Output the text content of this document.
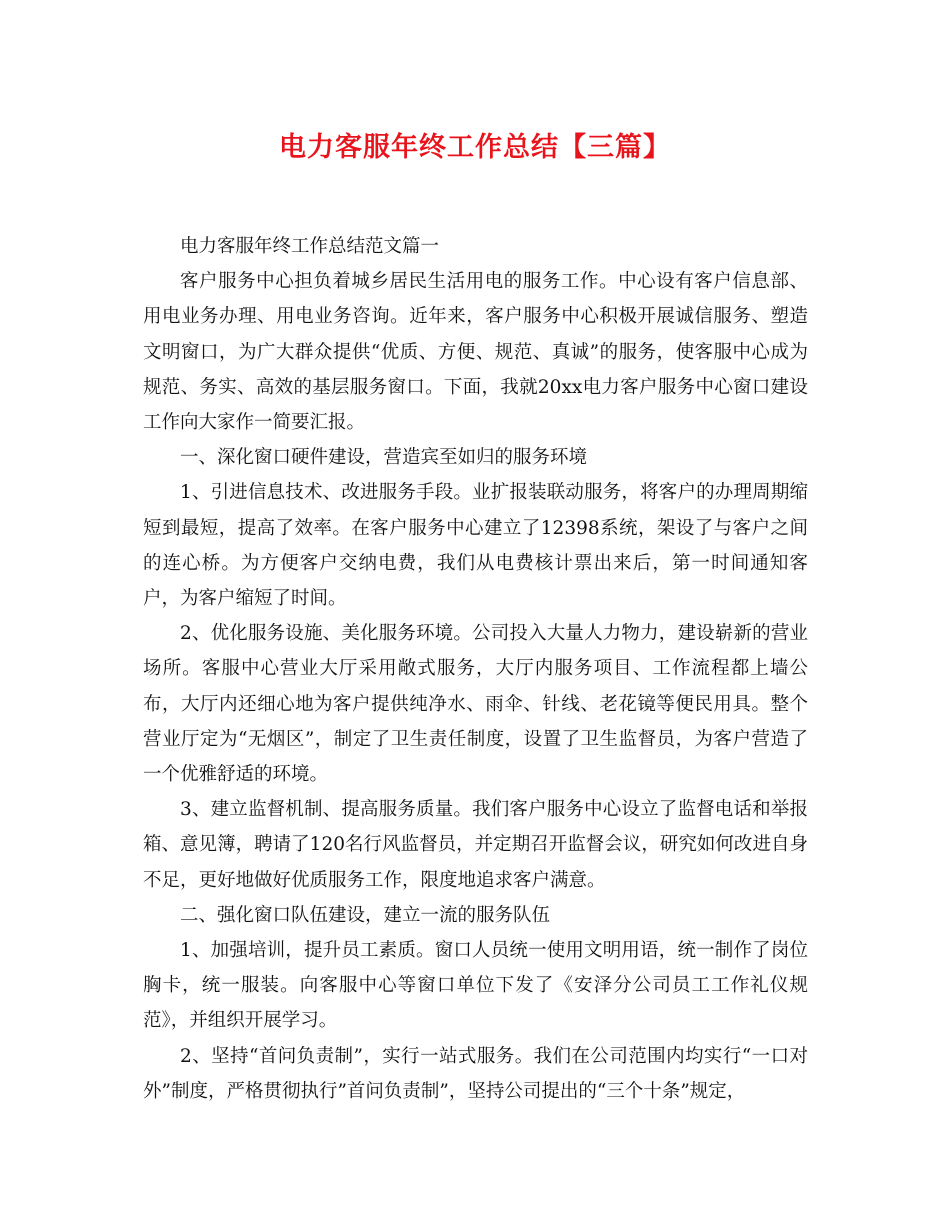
电力客服年终工作总结【三篇】

电力客服年终工作总结范文篇一

客户服务中心担负着城乡居民生活用电的服务工作。中心设有客户信息部、用电业务办理、用电业务咨询。近年来，客户服务中心积极开展诚信服务、塑造文明窗口，为广大群众提供“优质、方便、规范、真诚”的服务，使客服中心成为规范、务实、高效的基层服务窗口。下面，我就20xx电力客户服务中心窗口建设工作向大家作一简要汇报。

一、深化窗口硬件建设，营造宾至如归的服务环境

1、引进信息技术、改进服务手段。业扩报装联动服务，将客户的办理周期缩短到最短，提高了效率。在客户服务中心建立了12398系统，架设了与客户之间的连心桥。为方便客户交纳电费，我们从电费核计票出来后，第一时间通知客户，为客户缩短了时间。

2、优化服务设施、美化服务环境。公司投入大量人力物力，建设崭新的营业场所。客服中心营业大厅采用敞式服务，大厅内服务项目、工作流程都上墙公布，大厅内还细心地为客户提供纯净水、雨伞、针线、老花镜等便民用具。整个营业厅定为“无烟区”，制定了卫生责任制度，设置了卫生监督员，为客户营造了一个优雅舒适的环境。

3、建立监督机制、提高服务质量。我们客户服务中心设立了监督电话和举报箱、意见簿，聘请了120名行风监督员，并定期召开监督会议，研究如何改进自身不足，更好地做好优质服务工作，限度地追求客户满意。

二、强化窗口队伍建设，建立一流的服务队伍

1、加强培训，提升员工素质。窗口人员统一使用文明用语，统一制作了岗位胸卡，统一服装。向客服中心等窗口单位下发了《安泽分公司员工工作礼仪规范》，并组织开展学习。

2、坚持“首问负责制”，实行一站式服务。我们在公司范围内均实行“一口对外”制度，严格贯彻执行”首问负责制”，坚持公司提出的“三个十条”规定，
